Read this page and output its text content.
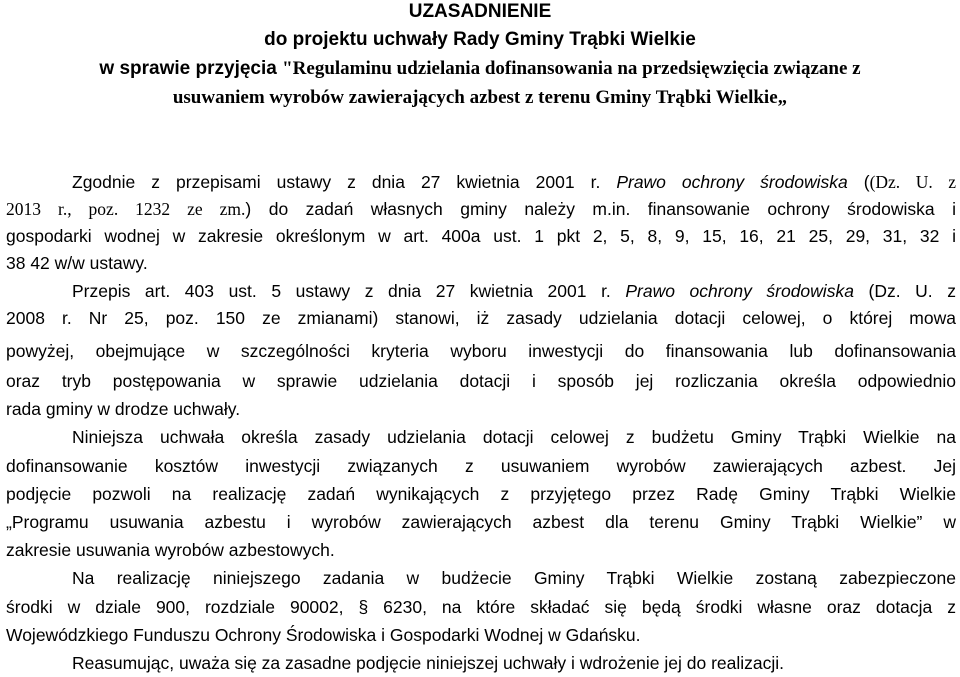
UZASADNIENIE
do projektu uchwały Rady Gminy Trąbki Wielkie
w sprawie przyjęcia "Regulaminu udzielania dofinansowania na przedsięwzięcia związane z
usuwaniem wyrobów zawierających azbest z terenu Gminy Trąbki Wielkie„
Zgodnie z przepisami ustawy z dnia 27 kwietnia 2001 r. Prawo ochrony środowiska ((Dz. U. z
2013 r., poz. 1232 ze zm.) do zadań własnych gminy należy m.in. finansowanie ochrony środowiska i
gospodarki wodnej w zakresie określonym w art. 400a ust. 1 pkt 2, 5, 8, 9, 15, 16, 21 25, 29, 31, 32 i
38 42 w/w ustawy.
Przepis art. 403 ust. 5 ustawy z dnia 27 kwietnia 2001 r. Prawo ochrony środowiska (Dz. U. z
2008 r. Nr 25, poz. 150 ze zmianami) stanowi, iż zasady udzielania dotacji celowej, o której mowa
powyżej, obejmujące w szczególności kryteria wyboru inwestycji do finansowania lub dofinansowania
oraz tryb postępowania w sprawie udzielania dotacji i sposób jej rozliczania określa odpowiednio
rada gminy w drodze uchwały.
Niniejsza uchwała określa zasady udzielania dotacji celowej z budżetu Gminy Trąbki Wielkie na
dofinansowanie kosztów inwestycji związanych z usuwaniem wyrobów zawierających azbest. Jej
podjęcie pozwoli na realizację zadań wynikających z przyjętego przez Radę Gminy Trąbki Wielkie
„Programu usuwania azbestu i wyrobów zawierających azbest dla terenu Gminy Trąbki Wielkie” w
zakresie usuwania wyrobów azbestowych.
Na realizację niniejszego zadania w budżecie Gminy Trąbki Wielkie zostaną zabezpieczone
środki w dziale 900, rozdziale 90002, § 6230, na które składać się będą środki własne oraz dotacja z
Wojewódzkiego Funduszu Ochrony Środowiska i Gospodarki Wodnej w Gdańsku.
Reasumując, uważa się za zasadne podjęcie niniejszej uchwały i wdrożenie jej do realizacji.
